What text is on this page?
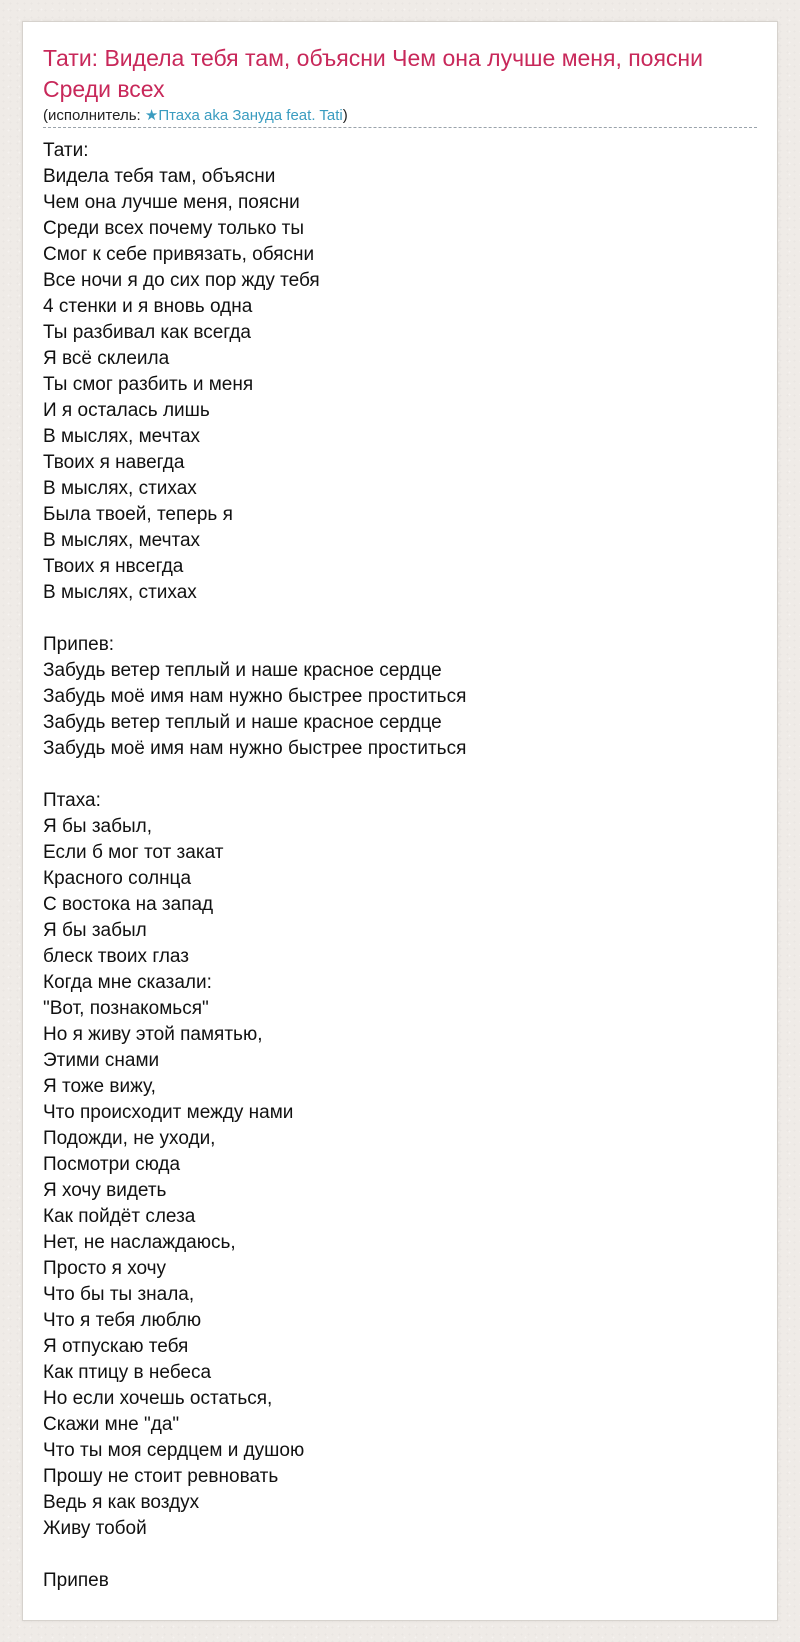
Тати: Видела тебя там, объясни Чем она лучше меня, поясни Среди всех
(исполнитель: ★Птаха aka Зануда feat. Tati)
Тати:
Видела тебя там, объясни
Чем она лучше меня, поясни
Среди всех почему только ты
Смог к себе привязать, обясни
Все ночи я до сих пор жду тебя
4 стенки и я вновь одна
Ты разбивал как всегда
Я всё склеила
Ты смог разбить и меня
И я осталась лишь
В мыслях, мечтах
Твоих я навегда
В мыслях, стихах
Была твоей, теперь я
В мыслях, мечтах
Твоих я нвсегда
В мыслях, стихах
Припев:
Забудь ветер теплый и наше красное сердце
Забудь моё имя нам нужно быстрее проститься
Забудь ветер теплый и наше красное сердце
Забудь моё имя нам нужно быстрее проститься
Птаха:
Я бы забыл,
Если б мог тот закат
Красного солнца
С востока на запад
Я бы забыл
блеск твоих глаз
Когда мне сказали:
"Вот, познакомься"
Но я живу этой памятью,
Этими снами
Я тоже вижу,
Что происходит между нами
Подожди, не уходи,
Посмотри сюда
Я хочу видеть
Как пойдёт слеза
Нет, не наслаждаюсь,
Просто я хочу
Что бы ты знала,
Что я тебя люблю
Я отпускаю тебя
Как птицу в небеса
Но если хочешь остаться,
Скажи мне "да"
Что ты моя сердцем и душою
Прошу не стоит ревновать
Ведь я как воздух
Живу тобой
Припев
